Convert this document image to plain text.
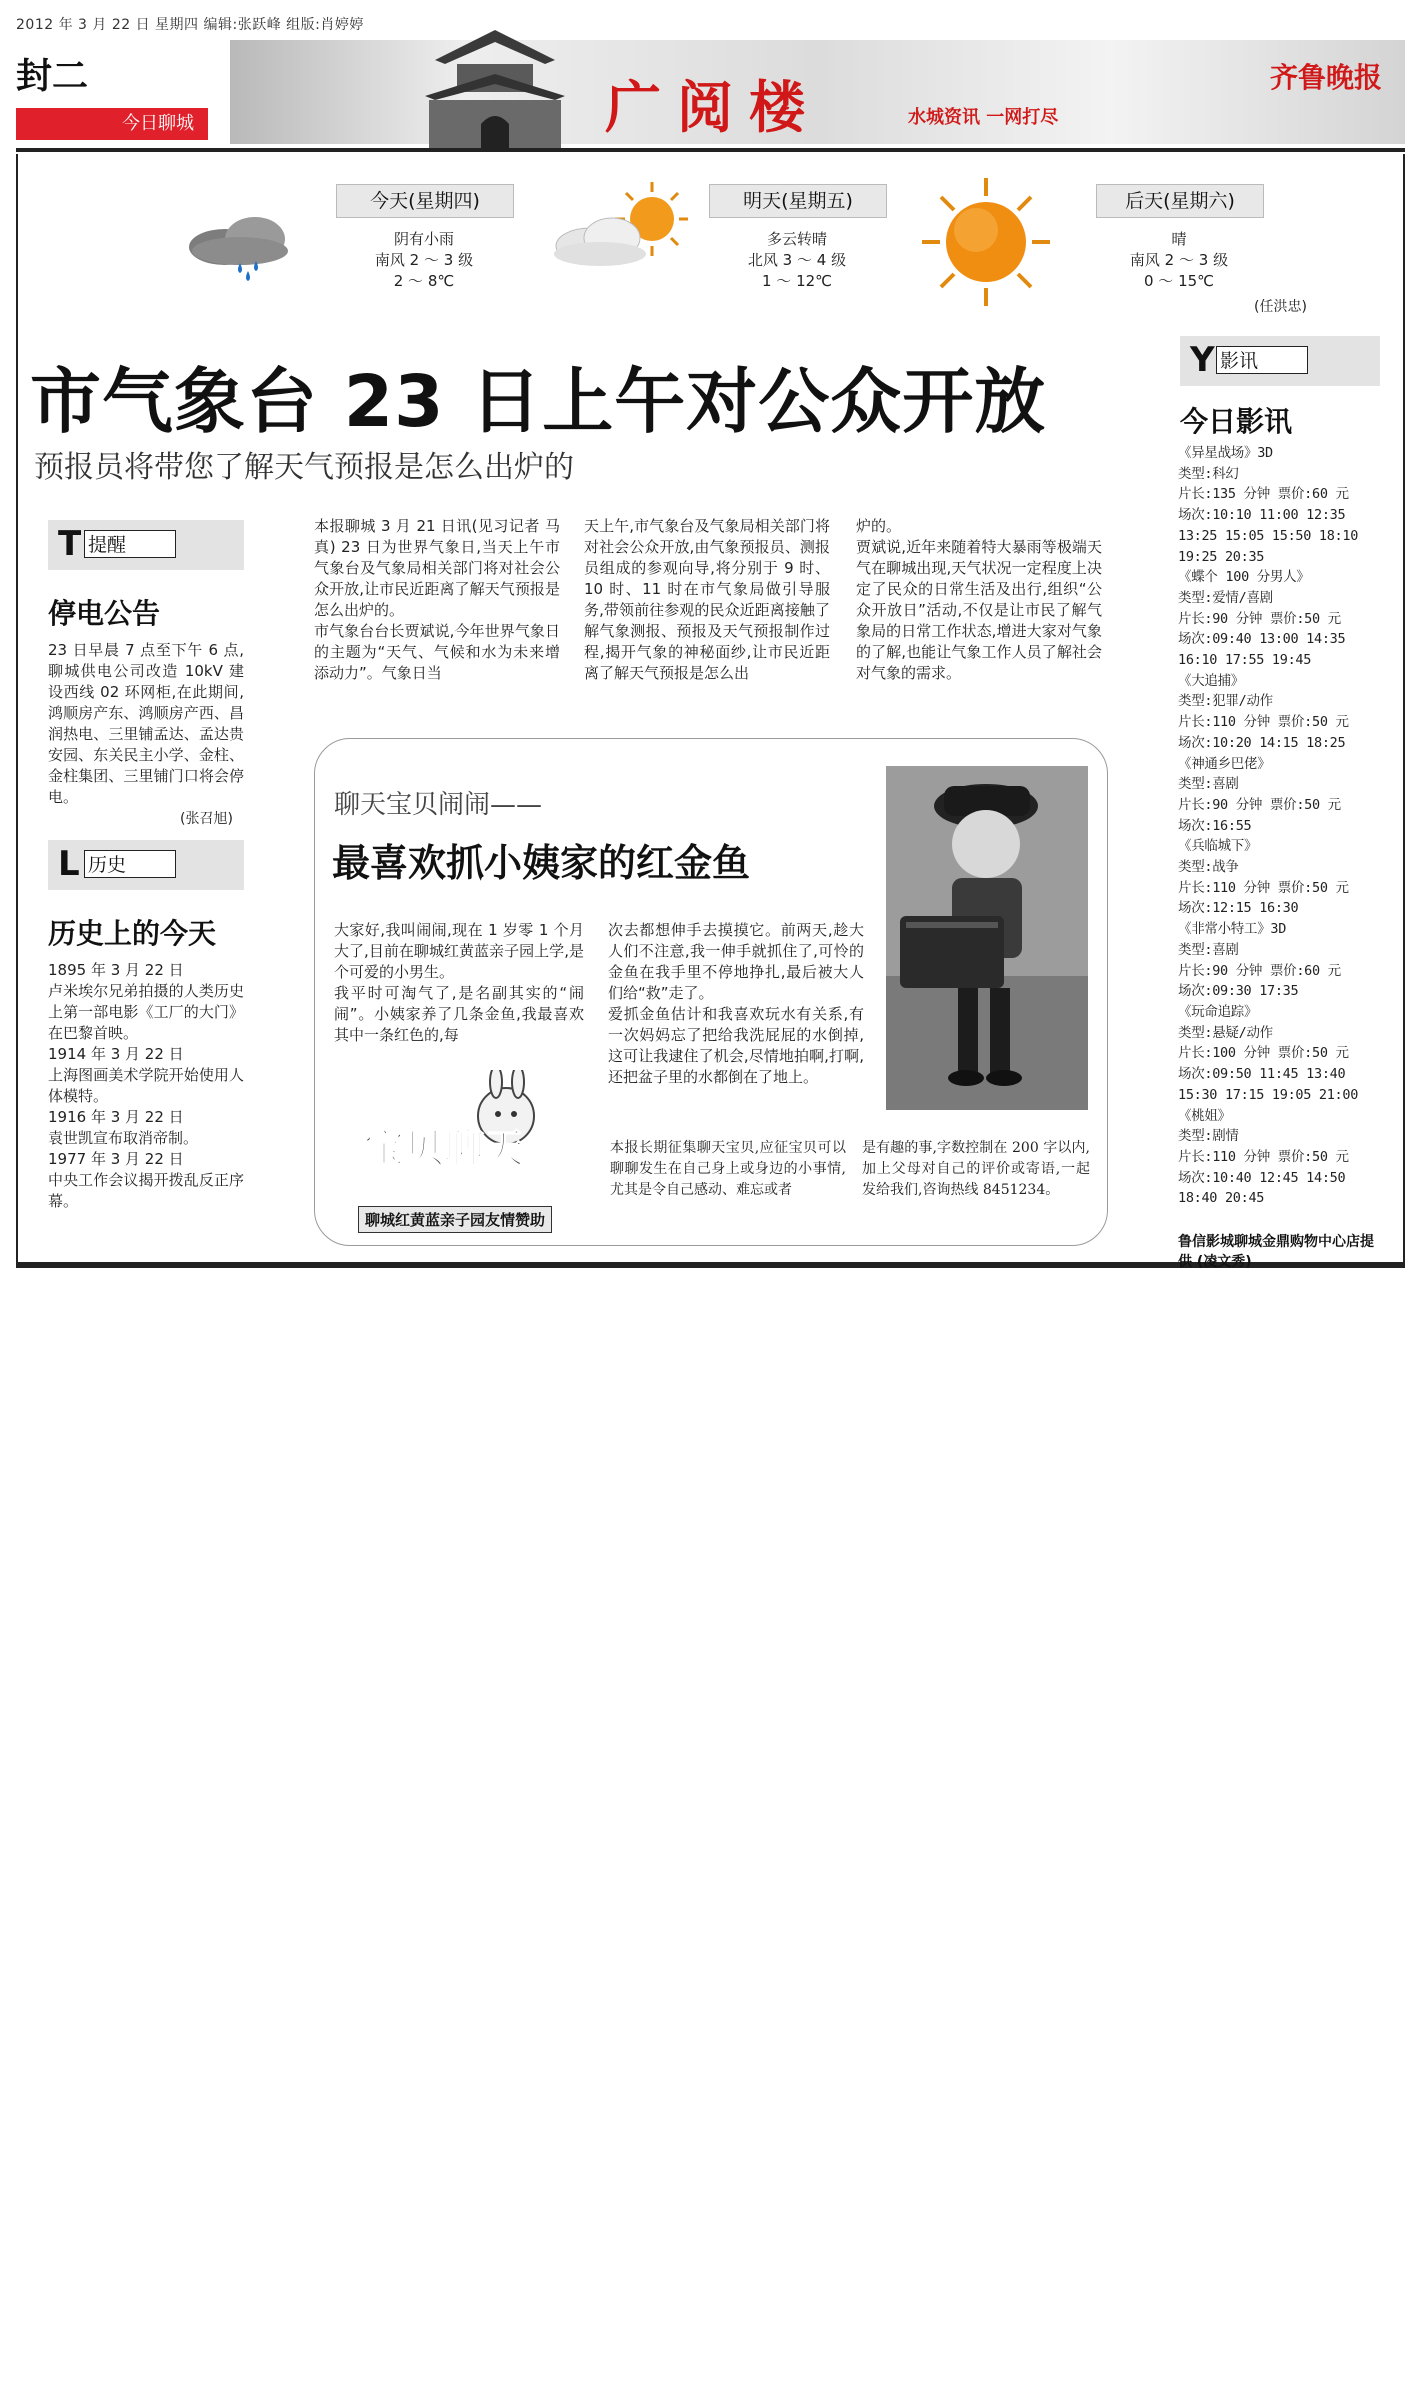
2012 年 3 月 22 日 星期四 编辑:张跃峰 组版:肖婷婷
封二
今日聊城	广阅楼	水城资讯 一网打尽
齐鲁晚报
今天(星期四)
阴有小雨
南风 2 ～ 3 级
2 ～ 8℃
明天(星期五)
多云转晴
北风 3 ～ 4 级
1 ～ 12℃
后天(星期六)
晴
南风 2 ～ 3 级
0 ～ 15℃
(任洪忠)
市气象台 23 日上午对公众开放
预报员将带您了解天气预报是怎么出炉的
T 提醒
停电公告
23 日早晨 7 点至下午 6 点,聊城供电公司改造 10kV 建设西线 02 环网柜,在此期间,鸿顺房产东、鸿顺房产西、昌润热电、三里铺孟达、孟达贵安园、东关民主小学、金柱、金柱集团、三里铺门口将会停电。
(张召旭)
L 历史
历史上的今天
1895 年 3 月 22 日
卢米埃尔兄弟拍摄的人类历史上第一部电影《工厂的大门》在巴黎首映。
1914 年 3 月 22 日
上海图画美术学院开始使用人体模特。
1916 年 3 月 22 日
袁世凯宣布取消帝制。
1977 年 3 月 22 日
中央工作会议揭开拨乱反正序幕。
本报聊城 3 月 21 日讯(见习记者 马真) 23 日为世界气象日,当天上午市气象台及气象局相关部门将对社会公众开放,让市民近距离了解天气预报是怎么出炉的。
市气象台台长贾斌说,今年世界气象日的主题为“天气、气候和水为未来增添动力”。气象日当
天上午,市气象台及气象局相关部门将对社会公众开放,由气象预报员、测报员组成的参观向导,将分别于 9 时、10 时、11 时在市气象局做引导服务,带领前往参观的民众近距离接触了解气象测报、预报及天气预报制作过程,揭开气象的神秘面纱,让市民近距离了解天气预报是怎么出
炉的。
贾斌说,近年来随着特大暴雨等极端天气在聊城出现,天气状况一定程度上决定了民众的日常生活及出行,组织“公众开放日”活动,不仅是让市民了解气象局的日常工作状态,增进大家对气象的了解,也能让气象工作人员了解社会对气象的需求。
聊天宝贝闹闹——
最喜欢抓小姨家的红金鱼
大家好,我叫闹闹,现在 1 岁零 1 个月大了,目前在聊城红黄蓝亲子园上学,是个可爱的小男生。
我平时可淘气了,是名副其实的“闹闹”。小姨家养了几条金鱼,我最喜欢其中一条红色的,每
次去都想伸手去摸摸它。前两天,趁大人们不注意,我一伸手就抓住了,可怜的金鱼在我手里不停地挣扎,最后被大人们给“救”走了。
爱抓金鱼估计和我喜欢玩水有关系,有一次妈妈忘了把给我洗屁屁的水倒掉,这可让我逮住了机会,尽情地拍啊,打啊,还把盆子里的水都倒在了地上。
宝贝聊天
聊城红黄蓝亲子园友情赞助
本报长期征集聊天宝贝,应征宝贝可以聊聊发生在自己身上或身边的小事情,尤其是令自己感动、难忘或者
是有趣的事,字数控制在 200 字以内,加上父母对自己的评价或寄语,一起发给我们,咨询热线 8451234。
Y 影讯
今日影讯
《异星战场》3D
类型:科幻
片长:135 分钟 票价:60 元
场次:10:10 11:00 12:35
13:25 15:05 15:50 18:10
19:25 20:35
《蝶个 100 分男人》
类型:爱情/喜剧
片长:90 分钟 票价:50 元
场次:09:40 13:00 14:35
16:10 17:55 19:45
《大追捕》
类型:犯罪/动作
片长:110 分钟 票价:50 元
场次:10:20 14:15 18:25
《神通乡巴佬》
类型:喜剧
片长:90 分钟 票价:50 元
场次:16:55
《兵临城下》
类型:战争
片长:110 分钟 票价:50 元
场次:12:15 16:30
《非常小特工》3D
类型:喜剧
片长:90 分钟 票价:60 元
场次:09:30 17:35
《玩命追踪》
类型:悬疑/动作
片长:100 分钟 票价:50 元
场次:09:50 11:45 13:40
15:30 17:15 19:05 21:00
《桃姐》
类型:剧情
片长:110 分钟 票价:50 元
场次:10:40 12:45 14:50
18:40 20:45
鲁信影城聊城金鼎购物中心店提供 (凌文秀)
